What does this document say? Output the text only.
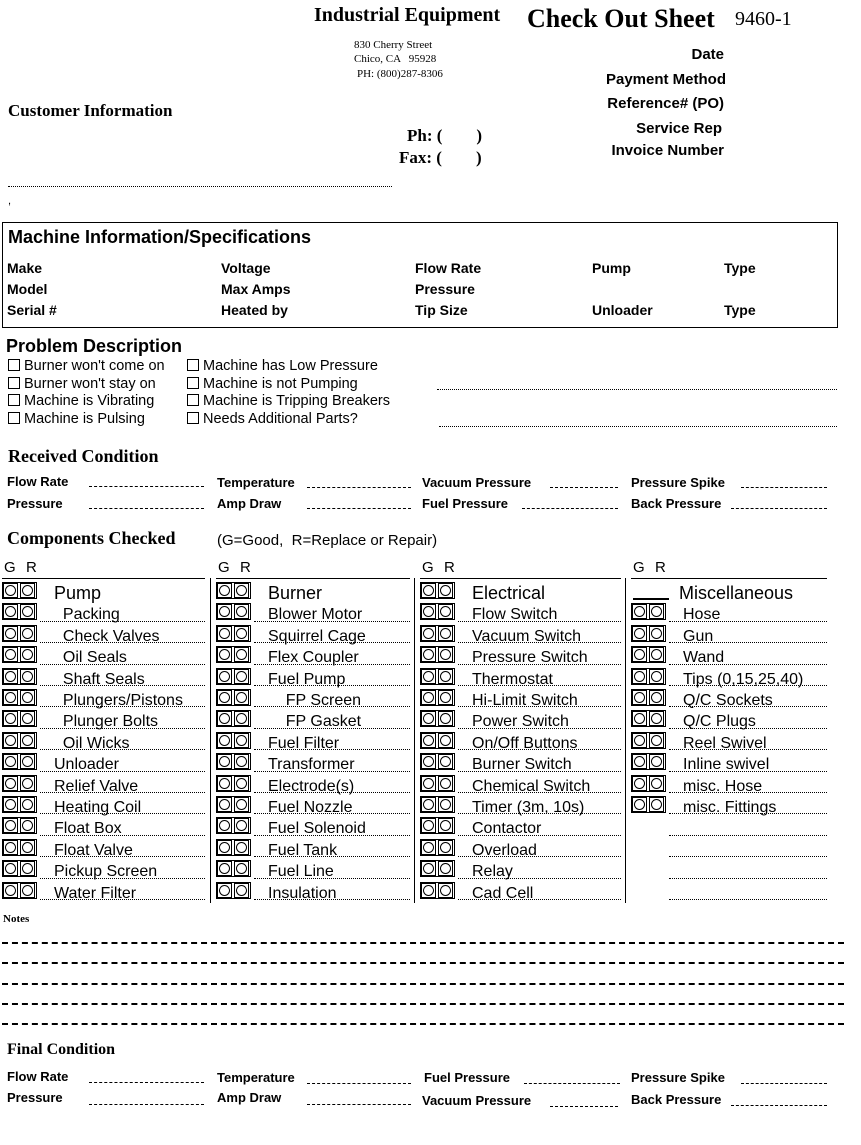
Industrial Equipment Check Out Sheet 9460-1
830 Cherry Street
Chico, CA   95928
PH: (800)287-8306
Customer Information
Ph: (        )
Fax: (        )
,
Date
Payment Method
Reference# (PO)
Service Rep
Invoice Number
Machine Information/Specifications
Make	Voltage	Flow Rate	Pump	Type
Model	Max Amps	Pressure
Serial #	Heated by	Tip Size	Unloader	Type
Problem Description
Burner won't come on
Burner won't stay on
Machine is Vibrating
Machine is Pulsing
Machine has Low Pressure
Machine is not Pumping
Machine is Tripping Breakers
Needs Additional Parts?
Received Condition
Flow Rate
Pressure
Temperature
Amp Draw
Vacuum Pressure
Fuel Pressure
Pressure Spike
Back Pressure
Components Checked	(G=Good,  R=Replace or Repair)
G R
Pump
Packing
Check Valves
Oil Seals
Shaft Seals
Plungers/Pistons
Plunger Bolts
Oil Wicks
Unloader
Relief Valve
Heating Coil
Float Box
Float Valve
Pickup Screen
Water Filter
G R
Burner
Blower Motor
Squirrel Cage
Flex Coupler
Fuel Pump
FP Screen
FP Gasket
Fuel Filter
Transformer
Electrode(s)
Fuel Nozzle
Fuel Solenoid
Fuel Tank
Fuel Line
Insulation
G R
Electrical
Flow Switch
Vacuum Switch
Pressure Switch
Thermostat
Hi-Limit Switch
Power Switch
On/Off Buttons
Burner Switch
Chemical Switch
Timer (3m, 10s)
Contactor
Overload
Relay
Cad Cell
G R
Miscellaneous
Hose
Gun
Wand
Tips (0,15,25,40)
Q/C Sockets
Q/C Plugs
Reel Swivel
Inline swivel
misc. Hose
misc. Fittings
Notes
Final Condition
Flow Rate
Pressure
Temperature
Amp Draw
Fuel Pressure
Vacuum Pressure
Pressure Spike
Back Pressure
